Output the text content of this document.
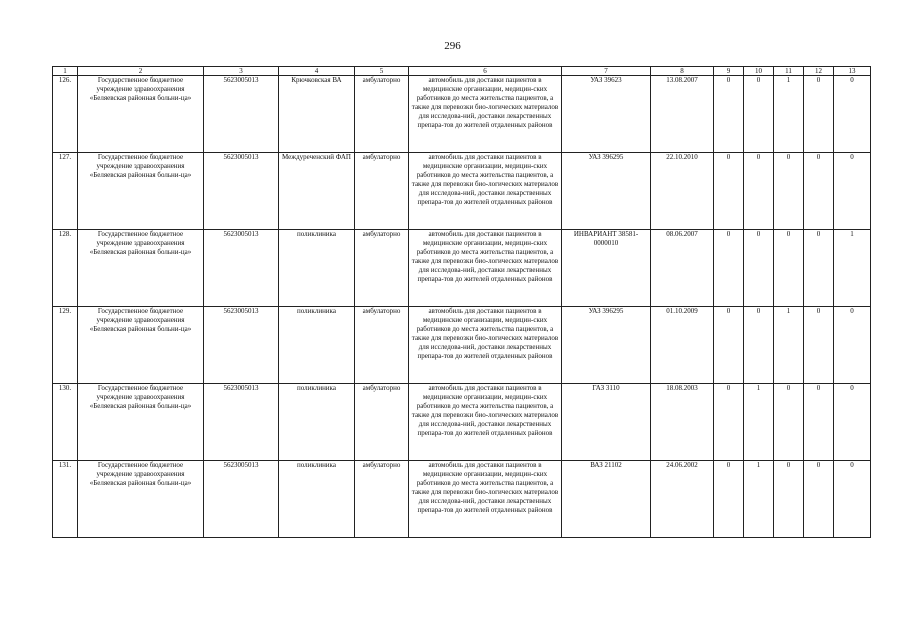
296
1	2	3	4	5	6	7	8	9	10	11	12	13
126.	Государственное бюджетное учреждение здравоохранения «Беляевская районная больни-ца»	5623005013	Крючковская ВА	амбулаторно	автомобиль для доставки пациентов в медицинские организации, медицин-ских работников до места жительства пациентов, а также для перевозки био-логических материалов для исследова-ний, доставки лекарственных препара-тов до жителей отдаленных районов	УАЗ 39623	13.08.2007	0	0	1	0	0
127.	Государственное бюджетное учреждение здравоохранения «Беляевская районная больни-ца»	5623005013	Междуреченский ФАП	амбулаторно	автомобиль для доставки пациентов в медицинские организации, медицин-ских работников до места жительства пациентов, а также для перевозки био-логических материалов для исследова-ний, доставки лекарственных препара-тов до жителей отдаленных районов	УАЗ 396295	22.10.2010	0	0	0	0	0
128.	Государственное бюджетное учреждение здравоохранения «Беляевская районная больни-ца»	5623005013	поликлиника	амбулаторно	автомобиль для доставки пациентов в медицинские организации, медицин-ских работников до места жительства пациентов, а также для перевозки био-логических материалов для исследова-ний, доставки лекарственных препара-тов до жителей отдаленных районов	ИНВАРИАНТ 38581-0000010	08.06.2007	0	0	0	0	1
129.	Государственное бюджетное учреждение здравоохранения «Беляевская районная больни-ца»	5623005013	поликлиника	амбулаторно	автомобиль для доставки пациентов в медицинские организации, медицин-ских работников до места жительства пациентов, а также для перевозки био-логических материалов для исследова-ний, доставки лекарственных препара-тов до жителей отдаленных районов	УАЗ 396295	01.10.2009	0	0	1	0	0
130.	Государственное бюджетное учреждение здравоохранения «Беляевская районная больни-ца»	5623005013	поликлиника	амбулаторно	автомобиль для доставки пациентов в медицинские организации, медицин-ских работников до места жительства пациентов, а также для перевозки био-логических материалов для исследова-ний, доставки лекарственных препара-тов до жителей отдаленных районов	ГАЗ 3110	18.08.2003	0	1	0	0	0
131.	Государственное бюджетное учреждение здравоохранения «Беляевская районная больни-ца»	5623005013	поликлиника	амбулаторно	автомобиль для доставки пациентов в медицинские организации, медицин-ских работников до места жительства пациентов, а также для перевозки био-логических материалов для исследова-ний, доставки лекарственных препара-тов до жителей отдаленных районов	ВАЗ 21102	24.06.2002	0	1	0	0	0
